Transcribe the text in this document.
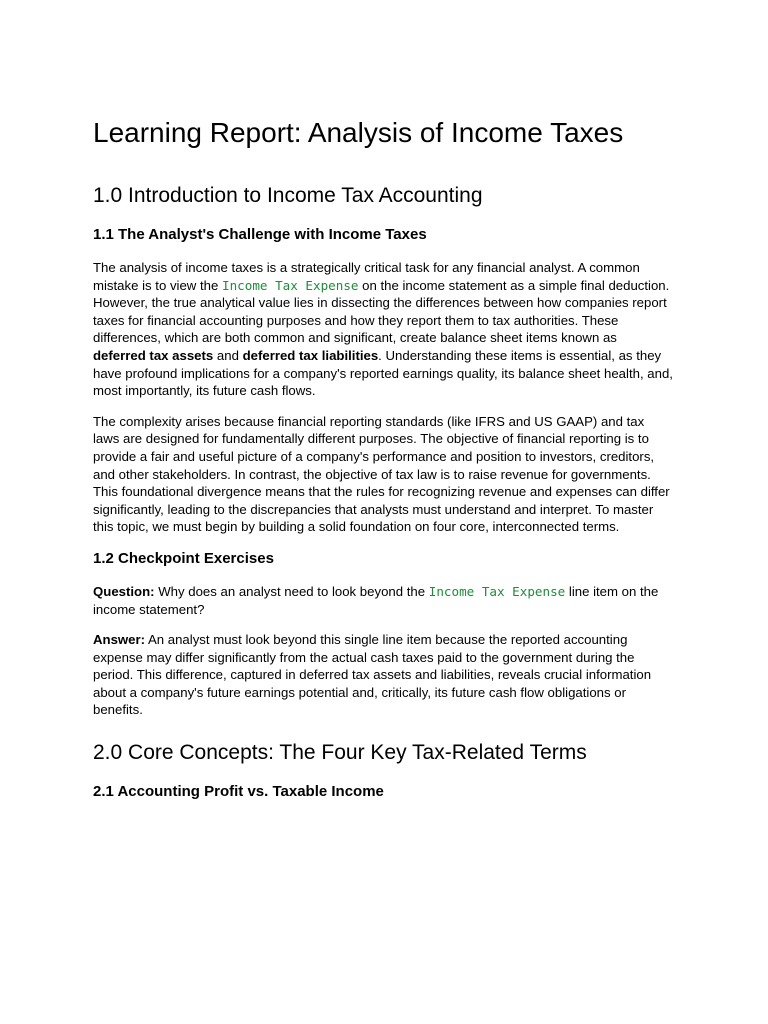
Learning Report: Analysis of Income Taxes
1.0 Introduction to Income Tax Accounting
1.1 The Analyst's Challenge with Income Taxes

The analysis of income taxes is a strategically critical task for any financial analyst. A common mistake is to view the Income Tax Expense on the income statement as a simple final deduction. However, the true analytical value lies in dissecting the differences between how companies report taxes for financial accounting purposes and how they report them to tax authorities. These differences, which are both common and significant, create balance sheet items known as deferred tax assets and deferred tax liabilities. Understanding these items is essential, as they have profound implications for a company's reported earnings quality, its balance sheet health, and, most importantly, its future cash flows.

The complexity arises because financial reporting standards (like IFRS and US GAAP) and tax laws are designed for fundamentally different purposes. The objective of financial reporting is to provide a fair and useful picture of a company's performance and position to investors, creditors, and other stakeholders. In contrast, the objective of tax law is to raise revenue for governments. This foundational divergence means that the rules for recognizing revenue and expenses can differ significantly, leading to the discrepancies that analysts must understand and interpret. To master this topic, we must begin by building a solid foundation on four core, interconnected terms.

1.2 Checkpoint Exercises

Question: Why does an analyst need to look beyond the Income Tax Expense line item on the income statement?

Answer: An analyst must look beyond this single line item because the reported accounting expense may differ significantly from the actual cash taxes paid to the government during the period. This difference, captured in deferred tax assets and liabilities, reveals crucial information about a company's future earnings potential and, critically, its future cash flow obligations or benefits.

2.0 Core Concepts: The Four Key Tax-Related Terms
2.1 Accounting Profit vs. Taxable Income
